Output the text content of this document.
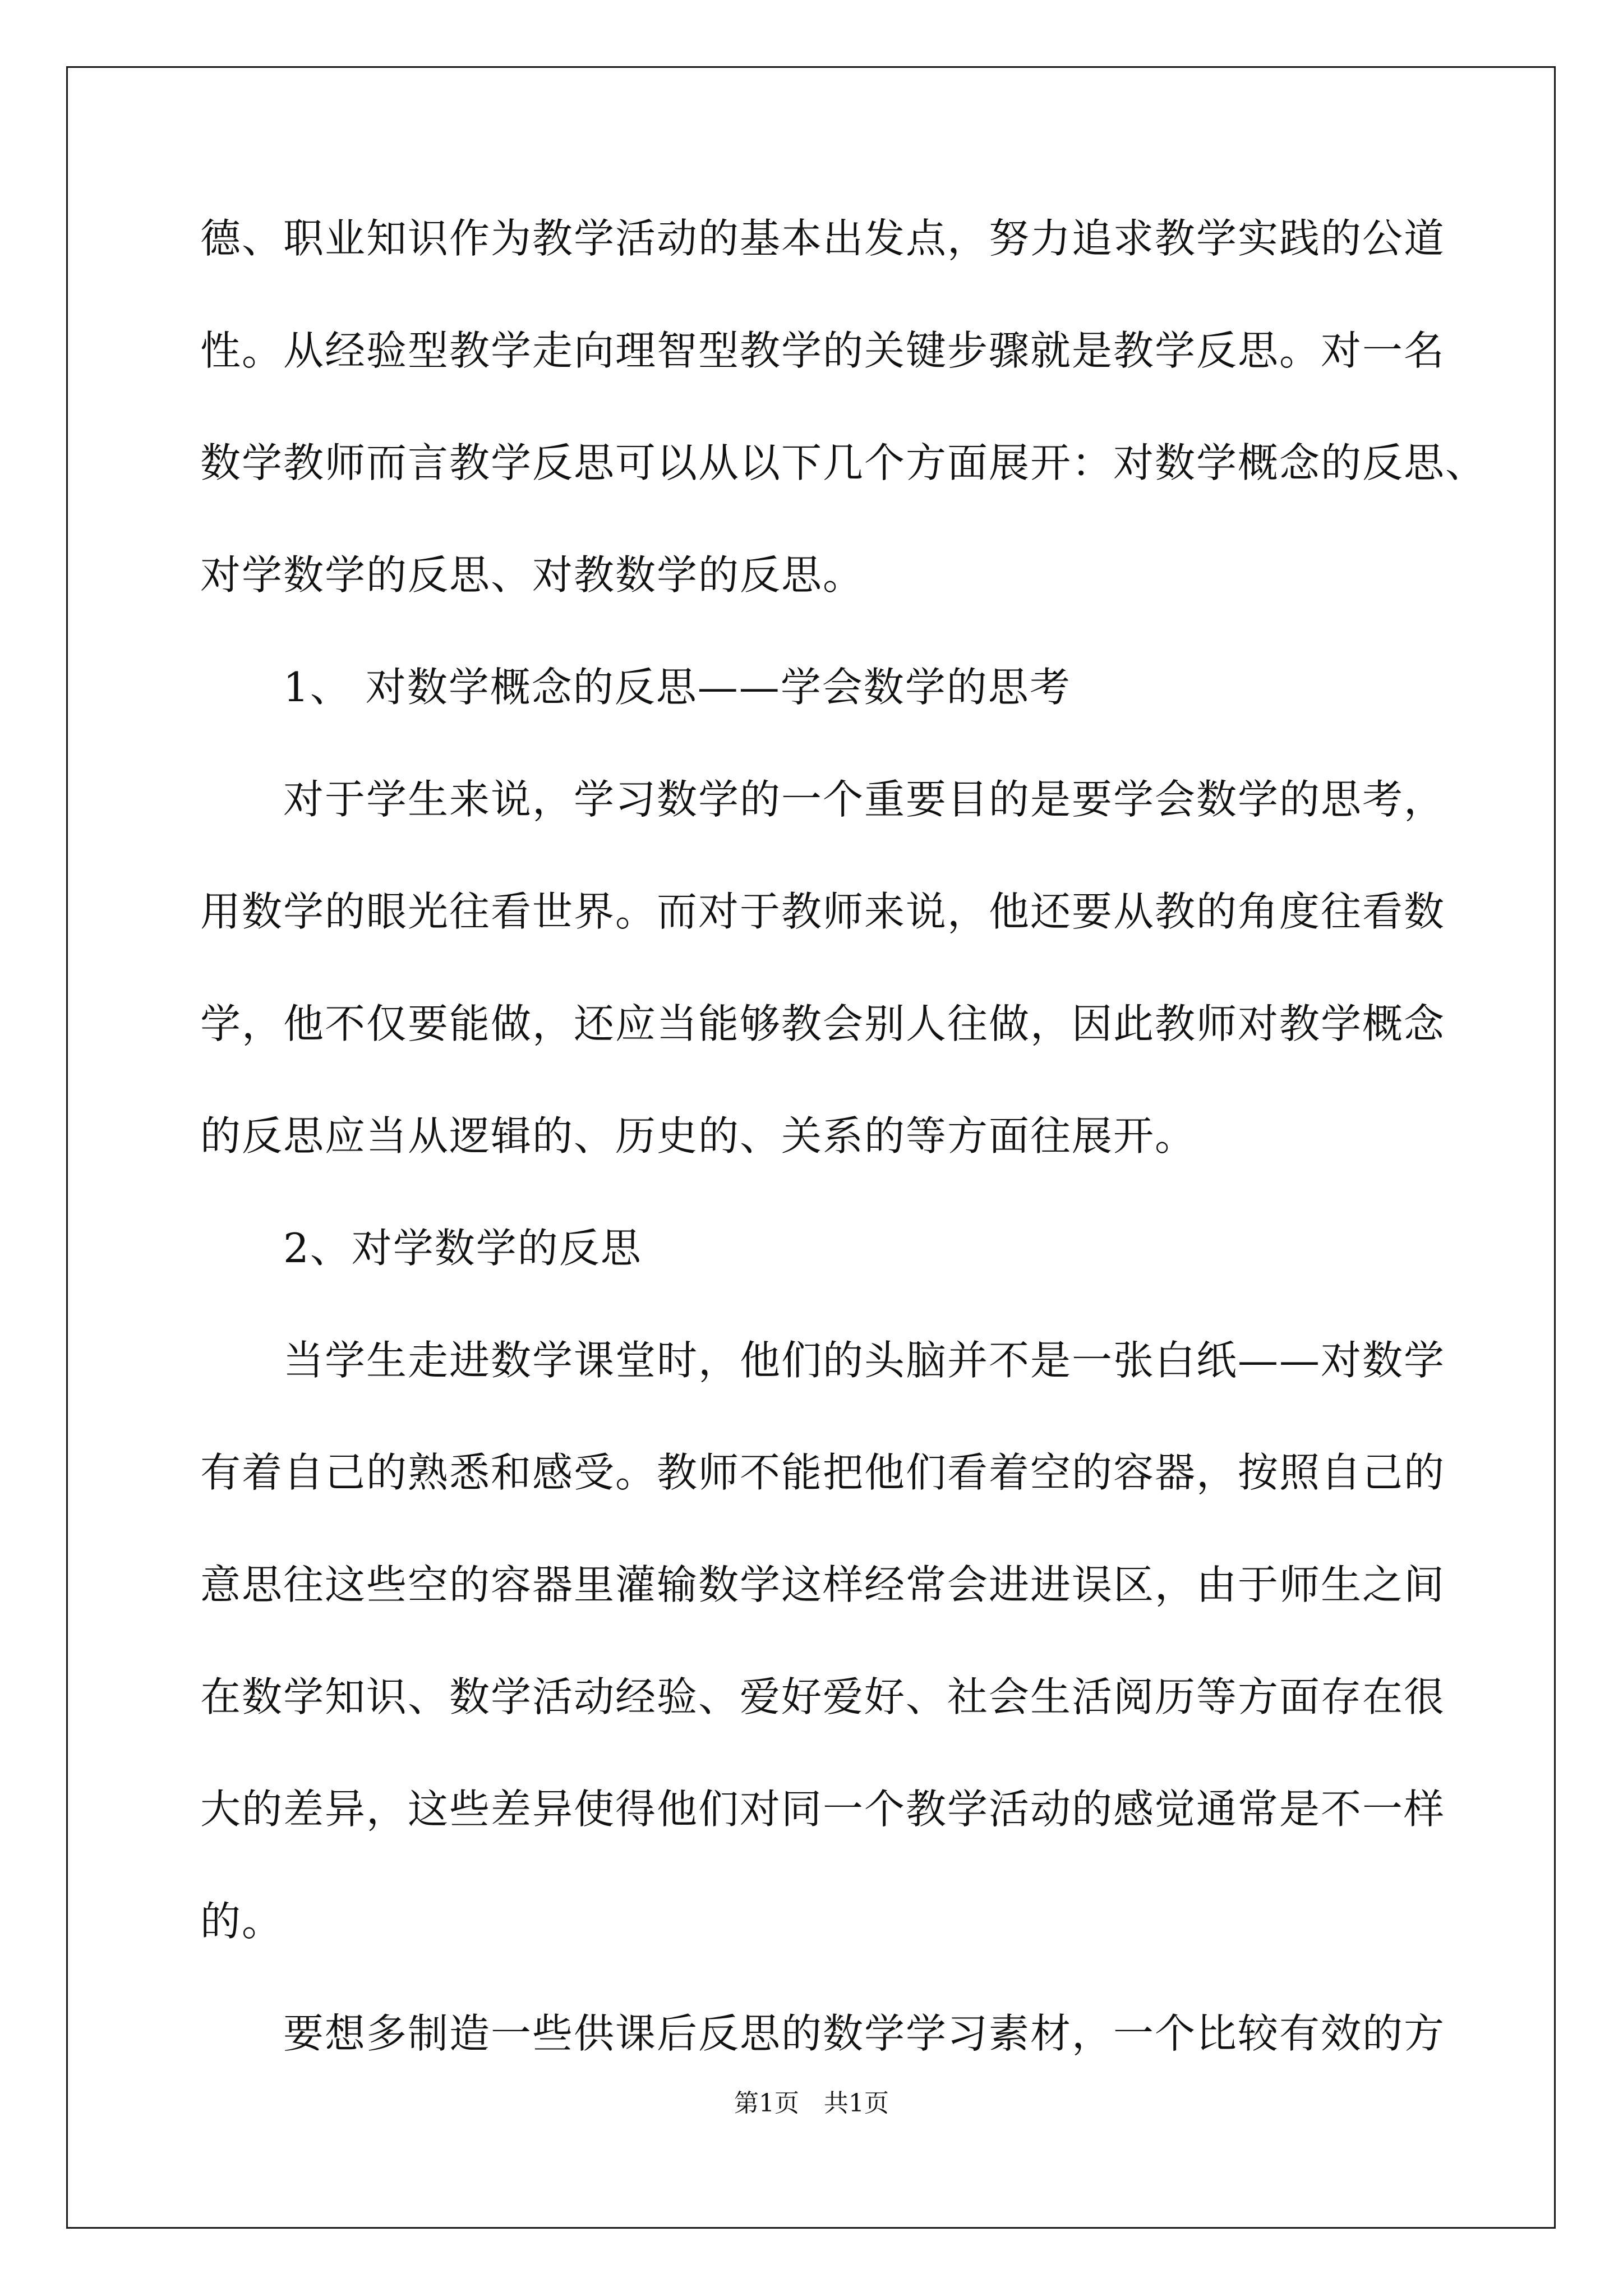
德、职业知识作为教学活动的基本出发点，努力追求教学实践的公道
性。从经验型教学走向理智型教学的关键步骤就是教学反思。对一名
数学教师而言教学反思可以从以下几个方面展开：对数学概念的反思、
对学数学的反思、对教数学的反思。
1、 对数学概念的反思——学会数学的思考
对于学生来说，学习数学的一个重要目的是要学会数学的思考，
用数学的眼光往看世界。而对于教师来说，他还要从教的角度往看数
学，他不仅要能做，还应当能够教会别人往做，因此教师对教学概念
的反思应当从逻辑的、历史的、关系的等方面往展开。
2、对学数学的反思
当学生走进数学课堂时，他们的头脑并不是一张白纸——对数学
有着自己的熟悉和感受。教师不能把他们看着空的容器，按照自己的
意思往这些空的容器里灌输数学这样经常会进进误区，由于师生之间
在数学知识、数学活动经验、爱好爱好、社会生活阅历等方面存在很
大的差异，这些差异使得他们对同一个教学活动的感觉通常是不一样
的。
要想多制造一些供课后反思的数学学习素材，一个比较有效的方
第1页　共1页
